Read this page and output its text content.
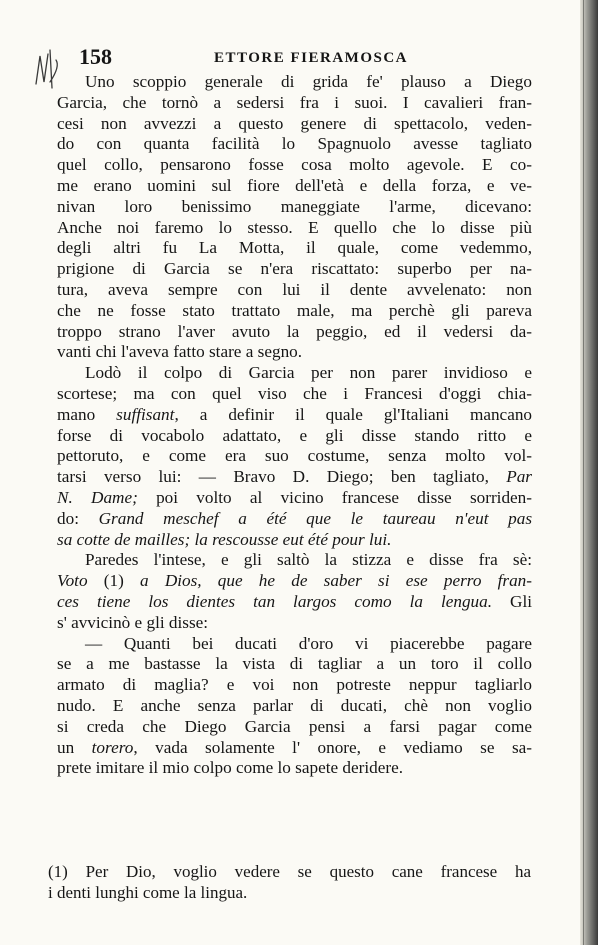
158	ETTORE FIERAMOSCA
Uno scoppio generale di grida fe' plauso a Diego
Garcia, che tornò a sedersi fra i suoi. I cavalieri fran-
cesi non avvezzi a questo genere di spettacolo, veden-
do con quanta facilità lo Spagnuolo avesse tagliato
quel collo, pensarono fosse cosa molto agevole. E co-
me erano uomini sul fiore dell'età e della forza, e ve-
nivan loro benissimo maneggiate l'arme, dicevano:
Anche noi faremo lo stesso. E quello che lo disse più
degli altri fu La Motta, il quale, come vedemmo,
prigione di Garcia se n'era riscattato: superbo per na-
tura, aveva sempre con lui il dente avvelenato: non
che ne fosse stato trattato male, ma perchè gli pareva
troppo strano l'aver avuto la peggio, ed il vedersi da-
vanti chi l'aveva fatto stare a segno.
Lodò il colpo di Garcia per non parer invidioso e
scortese; ma con quel viso che i Francesi d'oggi chia-
mano suffisant, a definir il quale gl'Italiani mancano
forse di vocabolo adattato, e gli disse stando ritto e
pettoruto, e come era suo costume, senza molto vol-
tarsi verso lui: — Bravo D. Diego; ben tagliato, Par
N. Dame; poi volto al vicino francese disse sorriden-
do: Grand meschef a été que le taureau n'eut pas
sa cotte de mailles; la rescousse eut été pour lui.
Paredes l'intese, e gli saltò la stizza e disse fra sè:
Voto (1) a Dios, que he de saber si ese perro fran-
ces tiene los dientes tan largos como la lengua. Gli
s' avvicinò e gli disse:
— Quanti bei ducati d'oro vi piacerebbe pagare
se a me bastasse la vista di tagliar a un toro il collo
armato di maglia? e voi non potreste neppur tagliarlo
nudo. E anche senza parlar di ducati, chè non voglio
si creda che Diego Garcia pensi a farsi pagar come
un torero, vada solamente l' onore, e vediamo se sa-
prete imitare il mio colpo come lo sapete deridere.
(1) Per Dio, voglio vedere se questo cane francese ha
i denti lunghi come la lingua.
